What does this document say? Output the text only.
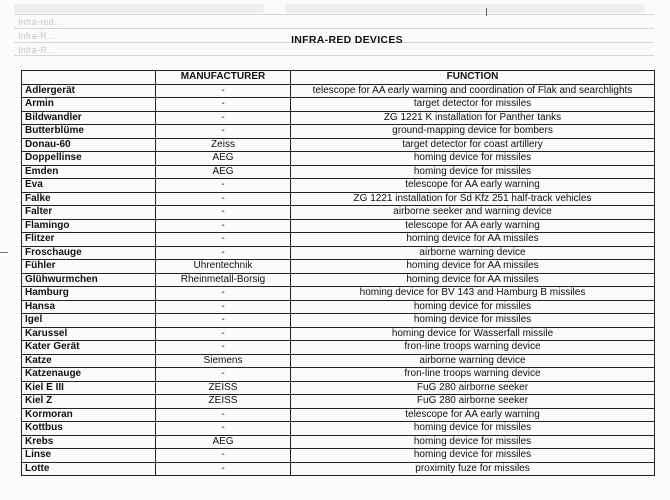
Infra-red...
Infra-R...
Infra-R...
INFRA-RED DEVICES
	MANUFACTURER	FUNCTION
Adlergerät	-	telescope for AA early warning and coordination of Flak and searchlights
Armin	-	target detector for missiles
Bildwandler	-	ZG 1221 K installation for Panther tanks
Butterblüme	-	ground-mapping device for bombers
Donau-60	Zeiss	target detector for coast artillery
Doppellinse	AEG	homing device for missiles
Emden	AEG	homing device for missiles
Eva	-	telescope for AA early warning
Falke	-	ZG 1221 installation for Sd Kfz 251 half-track vehicles
Falter	-	airborne seeker and warning device
Flamingo	-	telescope for AA early warning
Flitzer	-	homing device for AA missiles
Froschauge	-	airborne warning device
Fühler	Uhrentechnik	homing device for AA missiles
Glühwurmchen	Rheinmetall-Borsig	homing device for AA missiles
Hamburg	-	homing device for BV 143 and Hamburg B missiles
Hansa	-	homing device for missiles
Igel	-	homing device for missiles
Karussel	-	homing device for Wasserfall missile
Kater Gerät	-	fron-line troops warning device
Katze	Siemens	airborne warning device
Katzenauge	-	fron-line troops warning device
Kiel E III	ZEISS	FuG 280 airborne seeker
Kiel Z	ZEISS	FuG 280 airborne seeker
Kormoran	-	telescope for AA early warning
Kottbus	-	homing device for missiles
Krebs	AEG	homing device for missiles
Linse	-	homing device for missiles
Lotte	-	proximity fuze for missiles
